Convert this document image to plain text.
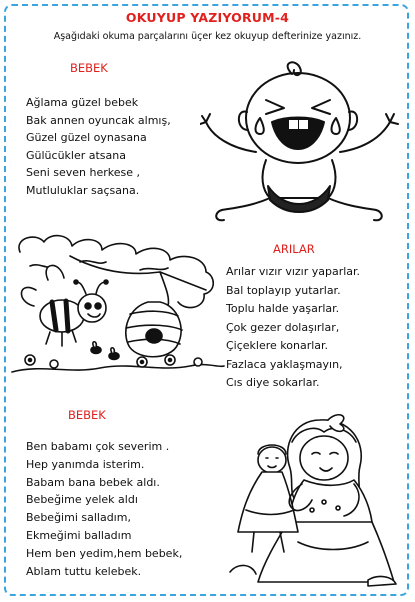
OKUYUP YAZIYORUM-4
Aşağıdaki okuma parçalarını üçer kez okuyup defterinize yazınız.
BEBEK
Ağlama güzel bebek
Bak annen oyuncak almış,
Güzel güzel oynasana
Gülücükler atsana
Seni seven herkese ,
Mutluluklar saçsana.
ARILAR
Arılar vızır vızır yaparlar.
Bal toplayıp yutarlar.
Toplu halde yaşarlar.
Çok gezer dolaşırlar,
Çiçeklere konarlar.
Fazlaca yaklaşmayın,
Cıs diye sokarlar.
BEBEK
Ben babamı çok severim .
Hep yanımda isterim.
Babam bana bebek aldı.
Bebeğime yelek aldı
Bebeğimi salladım,
Ekmeğimi balladım
Hem ben yedim,hem bebek,
Ablam tuttu kelebek.
